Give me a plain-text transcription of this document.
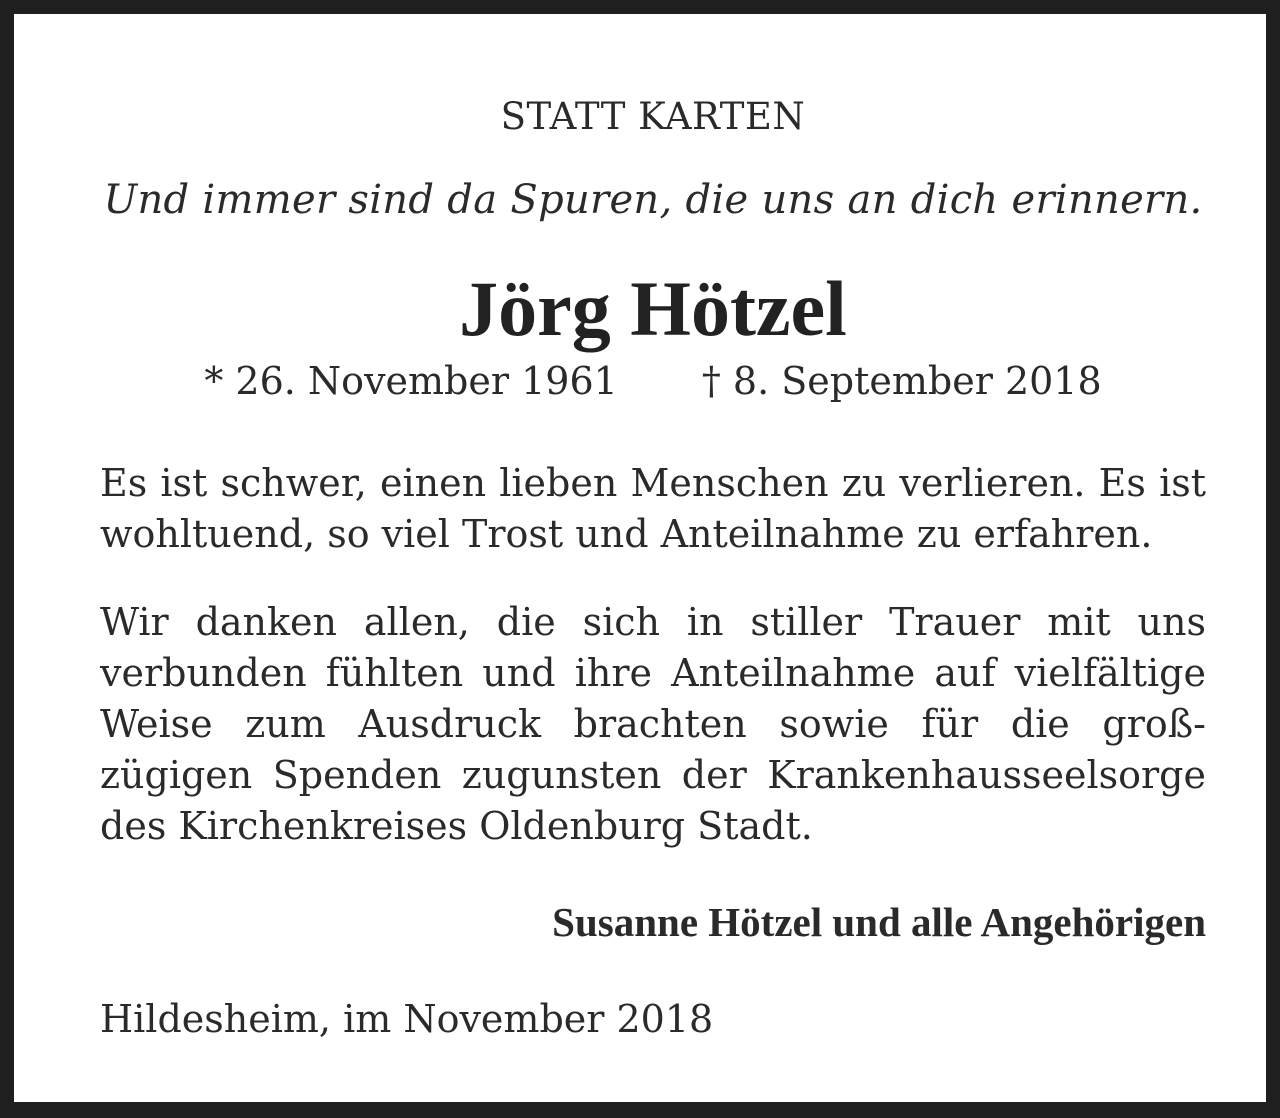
STATT KARTEN
Und immer sind da Spuren, die uns an dich erinnern.
Jörg Hötzel
* 26. November 1961 † 8. September 2018
Es ist schwer, einen lieben Menschen zu verlieren. Es ist
wohltuend, so viel Trost und Anteilnahme zu erfahren.
Wir danken allen, die sich in stiller Trauer mit uns
verbunden fühlten und ihre Anteilnahme auf vielfältige
Weise zum Ausdruck brachten sowie für die groß-
zügigen Spenden zugunsten der Krankenhausseelsorge
des Kirchenkreises Oldenburg Stadt.
Susanne Hötzel und alle Angehörigen
Hildesheim, im November 2018
